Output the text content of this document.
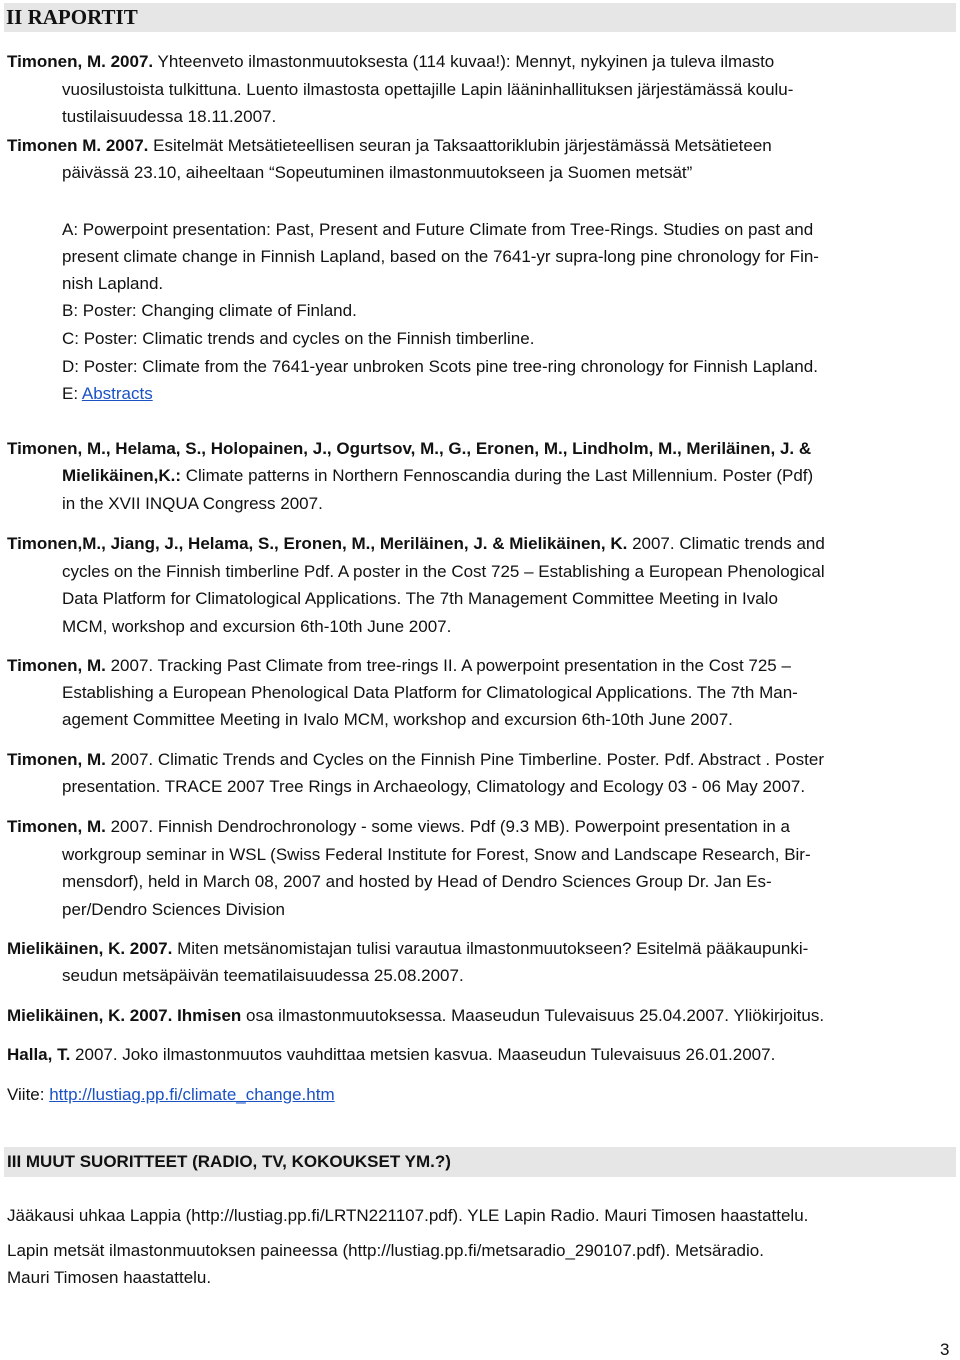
II RAPORTIT
Timonen, M. 2007. Yhteenveto ilmastonmuutoksesta (114 kuvaa!): Mennyt, nykyinen ja tuleva ilmasto
vuosilustoista tulkittuna. Luento ilmastosta opettajille Lapin lääninhallituksen järjestämässä koulu-
tustilaisuudessa 18.11.2007.
Timonen M. 2007. Esitelmät Metsätieteellisen seuran ja Taksaattoriklubin järjestämässä Metsätieteen
päivässä 23.10, aiheeltaan “Sopeutuminen ilmastonmuutokseen ja Suomen metsät”
A: Powerpoint presentation: Past, Present and Future Climate from Tree-Rings. Studies on past and
present climate change in Finnish Lapland, based on the 7641-yr supra-long pine chronology for Fin-
nish Lapland.
B: Poster: Changing climate of Finland.
C: Poster: Climatic trends and cycles on the Finnish timberline.
D: Poster: Climate from the 7641-year unbroken Scots pine tree-ring chronology for Finnish Lapland.
E: Abstracts
Timonen, M., Helama, S., Holopainen, J., Ogurtsov, M., G., Eronen, M., Lindholm, M., Meriläinen, J. &
Mielikäinen,K.: Climate patterns in Northern Fennoscandia during the Last Millennium. Poster (Pdf)
in the XVII INQUA Congress 2007.
Timonen,M., Jiang, J., Helama, S., Eronen, M., Meriläinen, J. & Mielikäinen, K. 2007. Climatic trends and
cycles on the Finnish timberline Pdf. A poster in the Cost 725 – Establishing a European Phenological
Data Platform for Climatological Applications. The 7th Management Committee Meeting in Ivalo
MCM, workshop and excursion 6th-10th June 2007.
Timonen, M. 2007. Tracking Past Climate from tree-rings II. A powerpoint presentation in the Cost 725 –
Establishing a European Phenological Data Platform for Climatological Applications. The 7th Man-
agement Committee Meeting in Ivalo MCM, workshop and excursion 6th-10th June 2007.
Timonen, M. 2007. Climatic Trends and Cycles on the Finnish Pine Timberline. Poster. Pdf. Abstract . Poster
presentation. TRACE 2007 Tree Rings in Archaeology, Climatology and Ecology 03 - 06 May 2007.
Timonen, M. 2007. Finnish Dendrochronology - some views. Pdf (9.3 MB). Powerpoint presentation in a
workgroup seminar in WSL (Swiss Federal Institute for Forest, Snow and Landscape Research, Bir-
mensdorf), held in March 08, 2007 and hosted by Head of Dendro Sciences Group Dr. Jan Es-
per/Dendro Sciences Division
Mielikäinen, K. 2007. Miten metsänomistajan tulisi varautua ilmastonmuutokseen? Esitelmä pääkaupunki-
seudun metsäpäivän teematilaisuudessa 25.08.2007.
Mielikäinen, K. 2007. Ihmisen osa ilmastonmuutoksessa. Maaseudun Tulevaisuus 25.04.2007. Yliökirjoitus.
Halla, T. 2007. Joko ilmastonmuutos vauhdittaa metsien kasvua. Maaseudun Tulevaisuus 26.01.2007.
Viite: http://lustiag.pp.fi/climate_change.htm
III MUUT SUORITTEET (RADIO, TV, KOKOUKSET YM.?)
Jääkausi uhkaa Lappia (http://lustiag.pp.fi/LRTN221107.pdf). YLE Lapin Radio. Mauri Timosen haastattelu.
Lapin metsät ilmastonmuutoksen paineessa (http://lustiag.pp.fi/metsaradio_290107.pdf). Metsäradio.
Mauri Timosen haastattelu.
3
